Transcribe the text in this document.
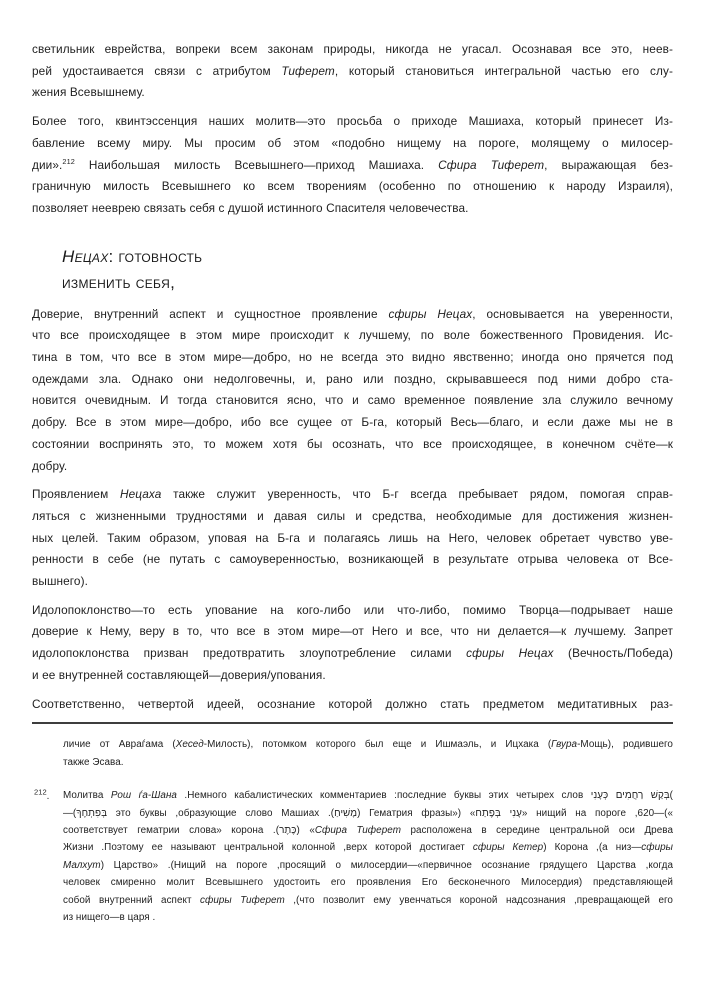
светильник еврейства, вопреки всем законам природы, никогда не угасал. Осознавая все это, неев-
рей удостаивается связи с атрибутом Тиферет, который становиться интегральной частью его слу-
жения Всевышнему.
Более того, квинтэссенция наших молитв—это просьба о приходе Машиаха, который принесет Из-
бавление всему миру. Мы просим об этом «подобно нищему на пороге, молящему о милосер-
дии».$^{212}$ Наибольшая милость Всевышнего—приход Машиаха. Сфира Тиферет, выражающая без-
граничную милость Всевышнего ко всем творениям (особенно по отношению к народу Израиля),
позволяет нееврею связать себя с душой истинного Спасителя человечества.
Нецах: готовность
изменить себя,
Доверие, внутренний аспект и сущностное проявление сфиры Нецах, основывается на уверенности,
что все происходящее в этом мире происходит к лучшему, по воле божественного Провидения. Ис-
тина в том, что все в этом мире—добро, но не всегда это видно явственно; иногда оно прячется под
одеждами зла. Однако они недолговечны, и, рано или поздно, скрывавшееся под ними добро ста-
новится очевидным. И тогда становится ясно, что и само временное появление зла служило вечному
добру. Все в этом мире—добро, ибо все сущее от Б-га, который Весь—благо, и если даже мы не в
состоянии воспринять это, то можем хотя бы осознать, что все происходящее, в конечном счёте—к
добру.
Проявлением Нецаха также служит уверенность, что Б-г всегда пребывает рядом, помогая справ-
ляться с жизненными трудностями и давая силы и средства, необходимые для достижения жизнен-
ных целей. Таким образом, уповая на Б-га и полагаясь лишь на Него, человек обретает чувство уве-
ренности в себе (не путать с самоуверенностью, возникающей в результате отрыва человека от Все-
вышнего).
Идолопоклонство—то есть упование на кого-либо или что-либо, помимо Творца—подрывает наше
доверие к Нему, веру в то, что все в этом мире—от Него и все, что ни делается—к лучшему. Запрет
идолопоклонства призван предотвратить злоупотребление силами сфиры Нецах (Вечность/Победа)
и ее внутренней составляющей—доверия/упования.
Соответственно, четвертой идеей, осознание которой должно стать предметом медитативных раз-
личие от Авраѓама (Хесед-Милость), потомком которого был еще и Ишмаэль, и Ицхака (Гвура-Мощь), родившего
также Эсава.
$^{212}$. Молитва Рош ѓа-Шана .Немного кабалистических комментариев :последние буквы этих четырех слов בְּקַשׁ רַחֲמִים כְּעָנִי(
—(בְּפִתְחֶךָ это буквы ,образующие слово Машиах .(מָשִׁיחַ) Гематрия фразы») «עָנִי בְּפֶתַח» нищий на пороге ,620—(«
соответствует гематрии слова» корона .(כֶּתֶר) «Сфира Тиферет расположена в середине центральной оси Древа
Жизни .Поэтому ее называют центральной колонной ,верх которой достигает сфиры Кетер) Корона ,(а низ—сфиры
Малхут) Царство» .(Нищий на пороге ,просящий о милосердии—«первичное осознание грядущего Царства ,когда
человек смиренно молит Всевышнего удостоить его проявления Его бесконечного Милосердия) представляющей
собой внутренний аспект сфиры Тиферет ,(что позволит ему увенчаться короной надсознания ,превращающей его
из нищего—в царя .
